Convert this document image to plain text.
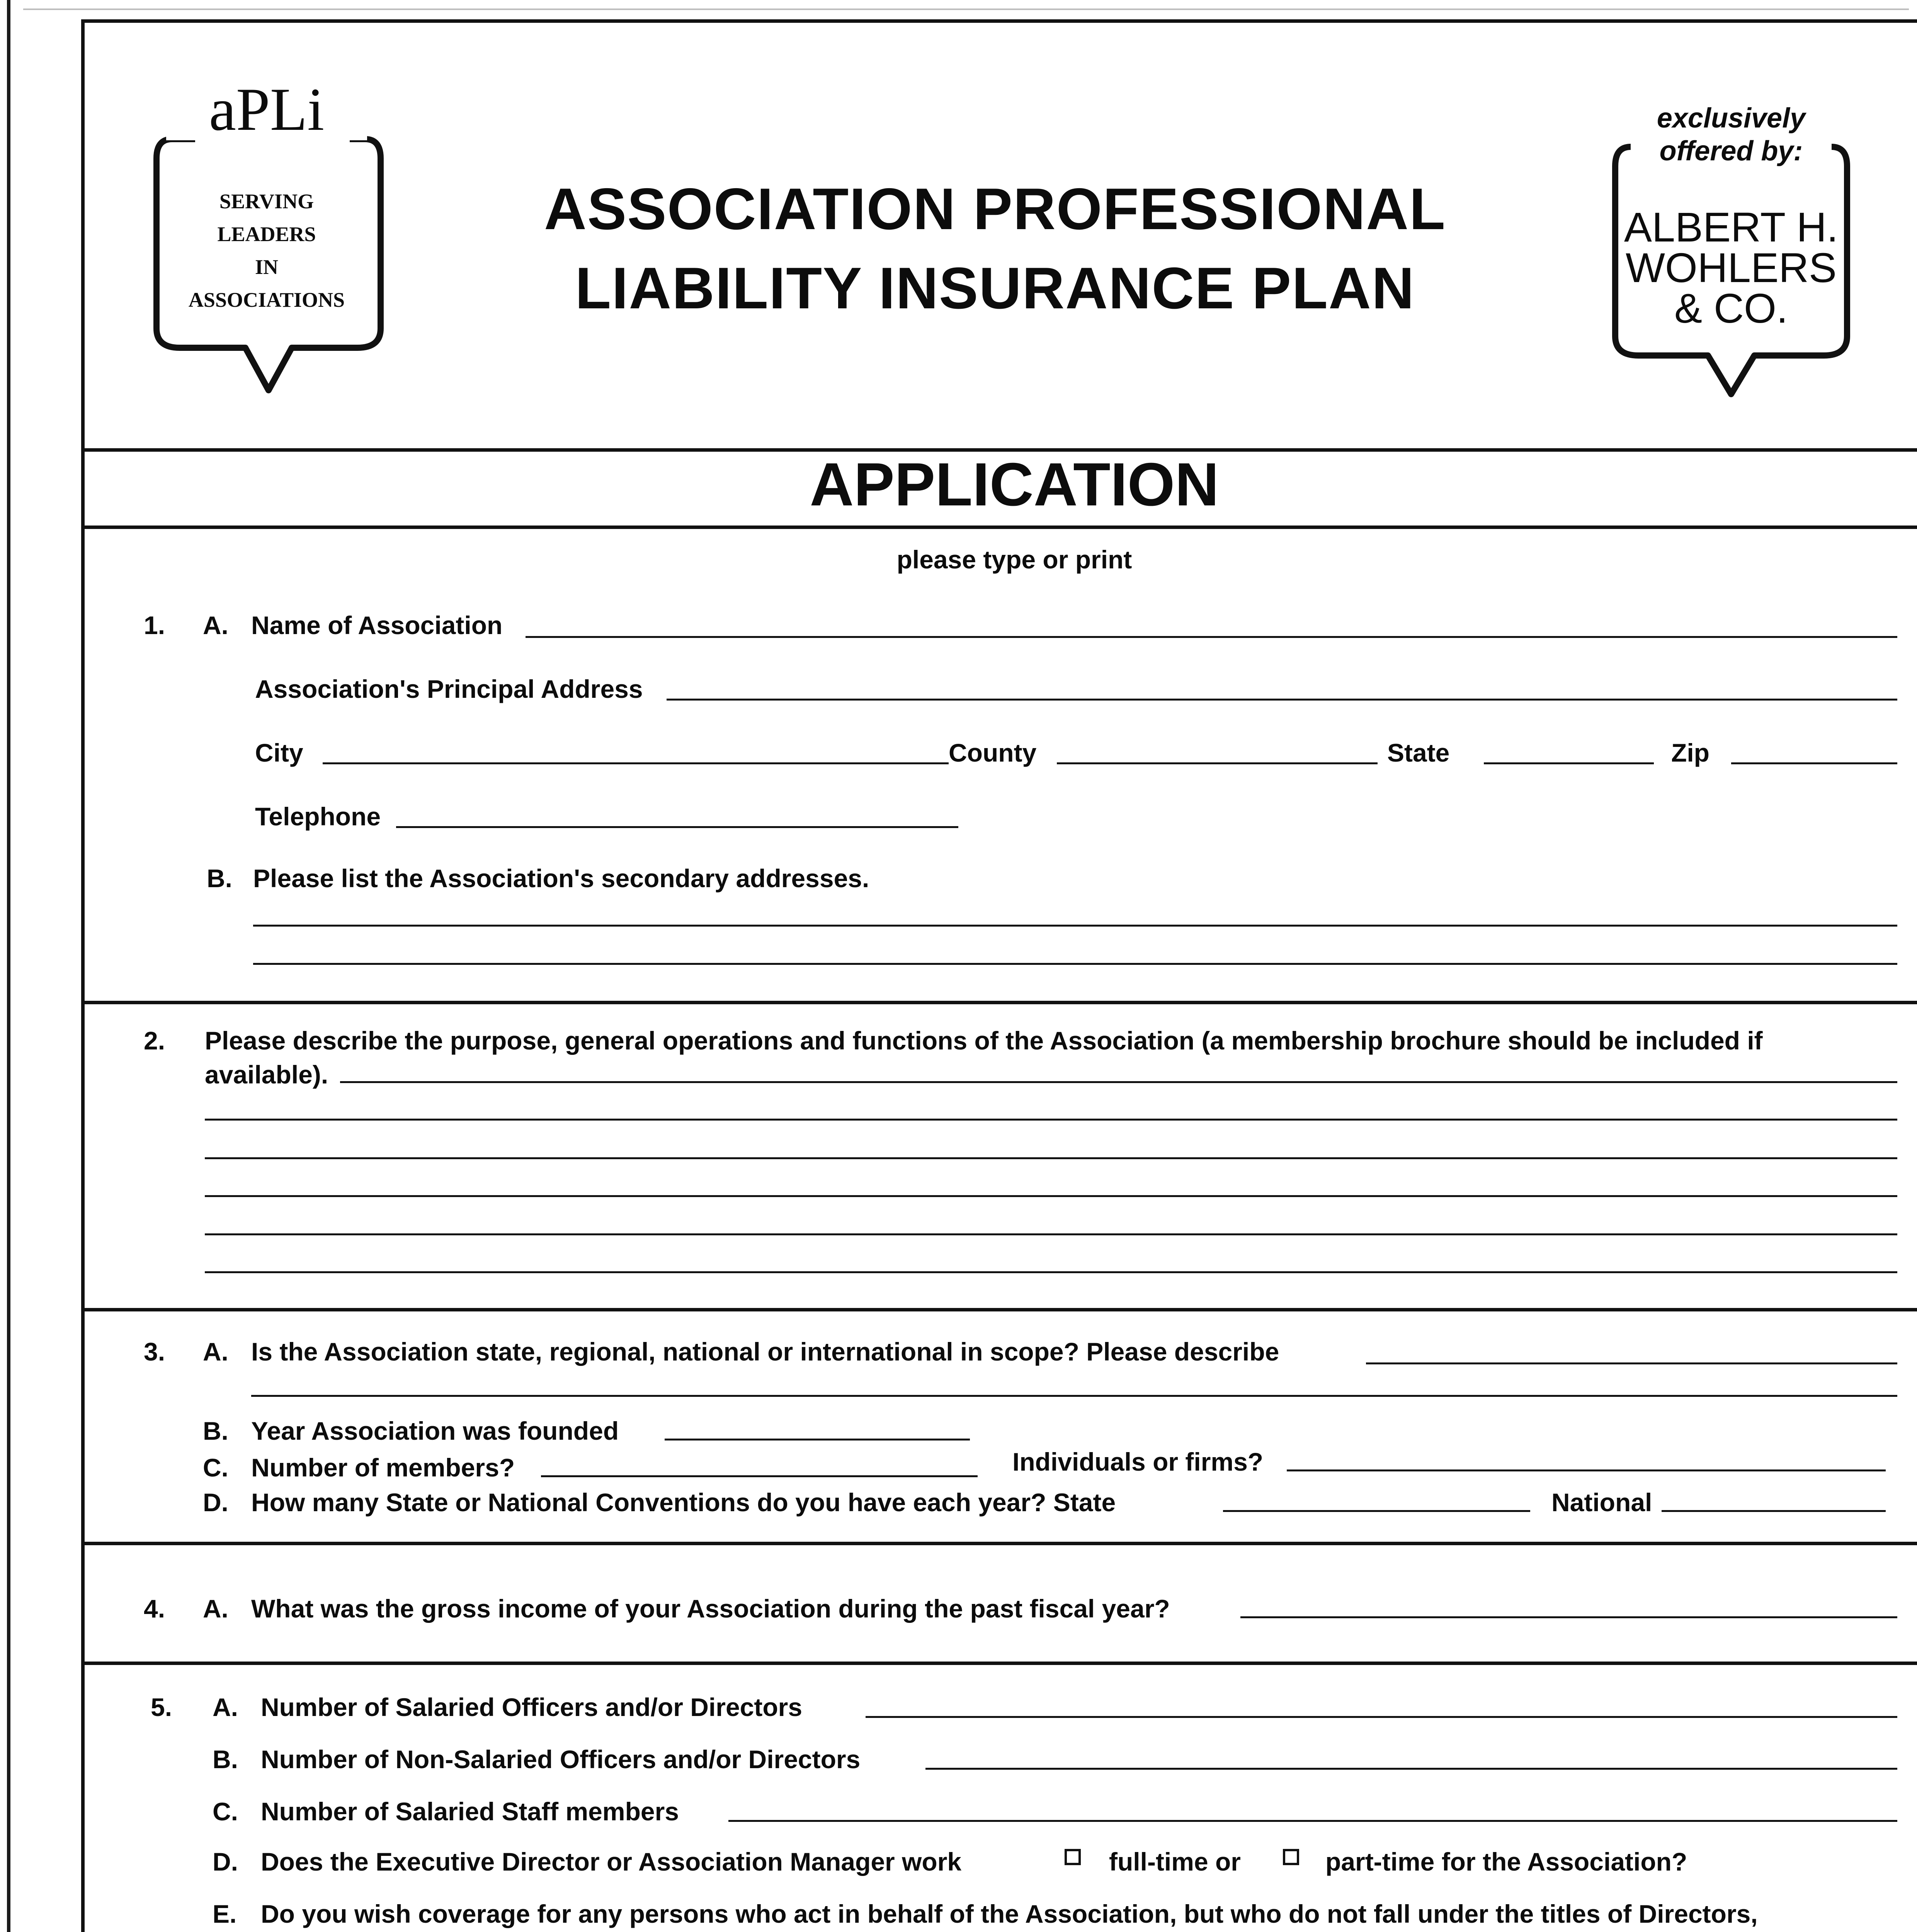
aPLi
SERVING
LEADERS
IN
ASSOCIATIONS
ASSOCIATION PROFESSIONAL
LIABILITY INSURANCE PLAN
exclusively
offered by:
ALBERT H.
WOHLERS
& CO.
APPLICATION
please type or print
1. A. Name of Association
Association's Principal Address
City	County	State	Zip
Telephone
B. Please list the Association's secondary addresses.
2. Please describe the purpose, general operations and functions of the Association (a membership brochure should be included if
available).
3. A. Is the Association state, regional, national or international in scope? Please describe
B. Year Association was founded
C. Number of members?	Individuals or firms?
D. How many State or National Conventions do you have each year? State	National
4. A. What was the gross income of your Association during the past fiscal year?
5. A. Number of Salaried Officers and/or Directors
B. Number of Non-Salaried Officers and/or Directors
C. Number of Salaried Staff members
D. Does the Executive Director or Association Manager work	full-time or	part-time for the Association?
E. Do you wish coverage for any persons who act in behalf of the Association, but who do not fall under the titles of Directors,
